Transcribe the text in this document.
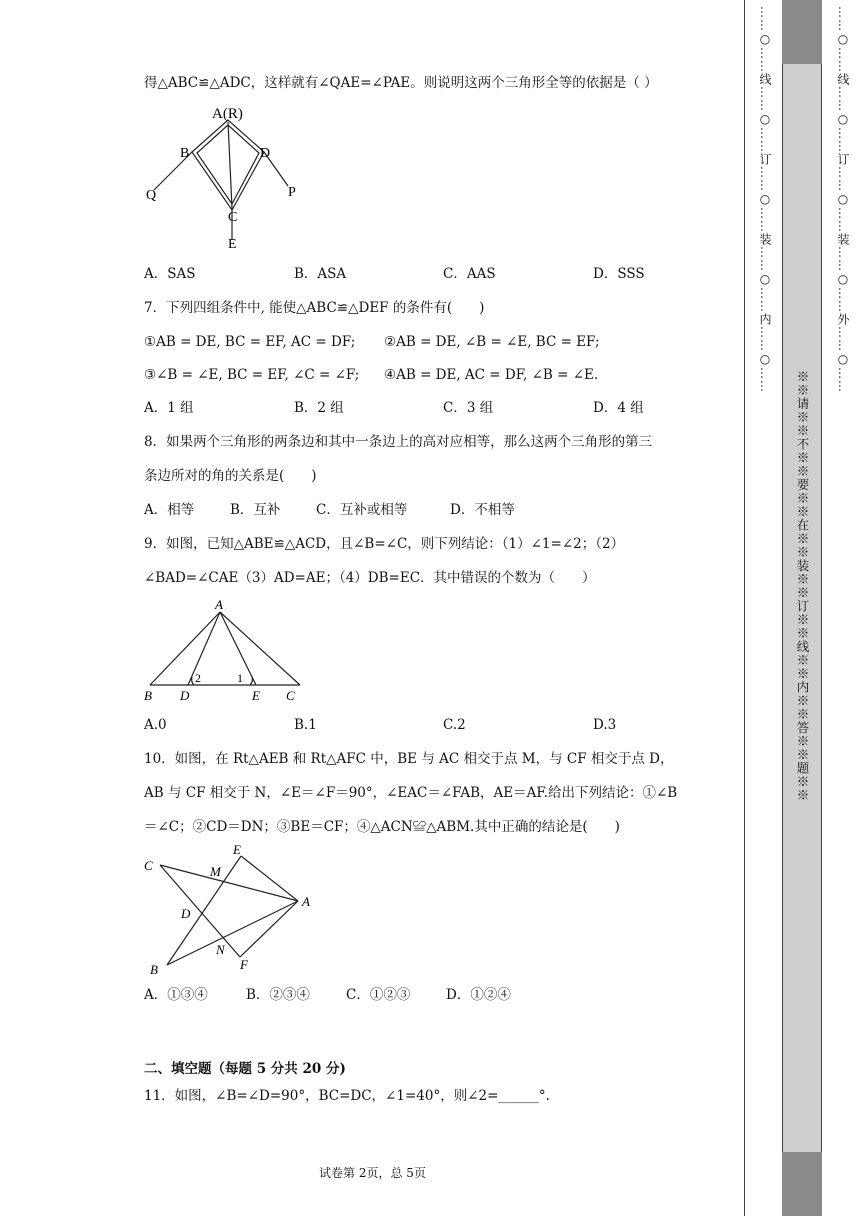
得△ABC≌△ADC，这样就有∠QAE=∠PAE。则说明这两个三角形全等的依据是（ ）
A(R)
B	D
Q	P
C
E
A．SAS	B．ASA	C．AAS	D．SSS
7．下列四组条件中, 能使△ABC≌△DEF 的条件有(　　)
①AB = DE, BC = EF, AC = DF; ②AB = DE, ∠B = ∠E, BC = EF;
③∠B = ∠E, BC = EF, ∠C = ∠F; ④AB = DE, AC = DF, ∠B = ∠E.
A．1 组	B．2 组	C．3 组	D．4 组
8．如果两个三角形的两条边和其中一条边上的高对应相等，那么这两个三角形的第三
条边所对的角的关系是(　　)
A．相等	B．互补	C．互补或相等	D．不相等
9．如图，已知△ABE≌△ACD，且∠B=∠C，则下列结论：（1）∠1=∠2；（2）
∠BAD=∠CAE（3）AD=AE；（4）DB=EC．其中错误的个数为（　　）
A
B D	E C
2	1
A.0	B.1	C.2	D.3
10．如图，在 Rt△AEB 和 Rt△AFC 中，BE 与 AC 相交于点 M，与 CF 相交于点 D，
AB 与 CF 相交于 N，∠E＝∠F＝90°，∠EAC＝∠FAB，AE＝AF.给出下列结论：①∠B
＝∠C；②CD＝DN；③BE＝CF；④△ACN≌△ABM.其中正确的结论是(　　)
C
E
M
D
A
N
B	F
A．①③④	B．②③④	C．①②③	D．①②④
二、填空题（每题 5 分共 20 分)
11．如图，∠B=∠D=90°，BC=DC，∠1=40°，则∠2=______°.
试卷第 2页，总 5页
……○……线……○……订……○……装……○……内……○……
※※请※※不※※要※※在※※装※※订※※线※※内※※答※※题※※
……○……线……○……订……○……装……○……外……○……
